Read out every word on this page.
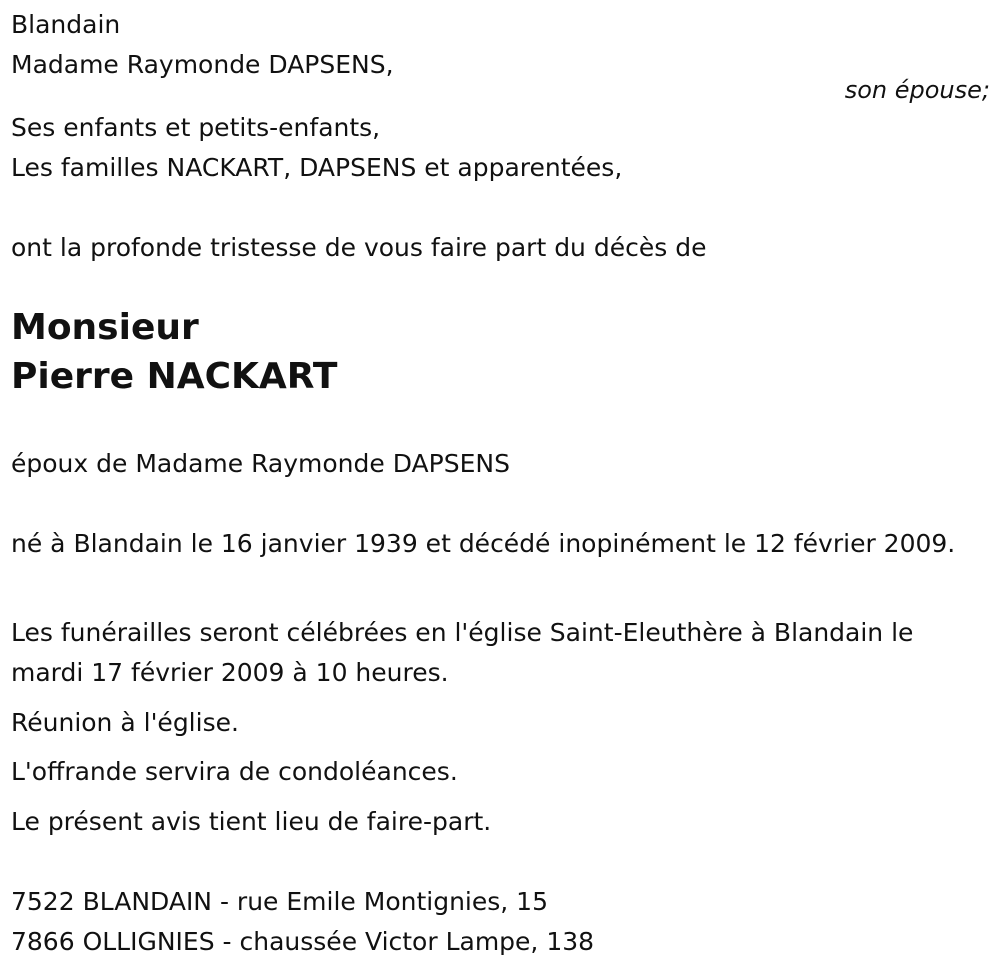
Blandain

Madame Raymonde DAPSENS,

son épouse;

Ses enfants et petits-enfants,

Les familles NACKART, DAPSENS et apparentées,

ont la profonde tristesse de vous faire part du décès de

Monsieur
Pierre NACKART

époux de Madame Raymonde DAPSENS

né à Blandain le 16 janvier 1939 et décédé inopinément le 12 février 2009.

Les funérailles seront célébrées en l'église Saint-Eleuthère à Blandain le mardi 17 février 2009 à 10 heures.

Réunion à l'église.

L'offrande servira de condoléances.

Le présent avis tient lieu de faire-part.

7522 BLANDAIN - rue Emile Montignies, 15

7866 OLLIGNIES - chaussée Victor Lampe, 138
